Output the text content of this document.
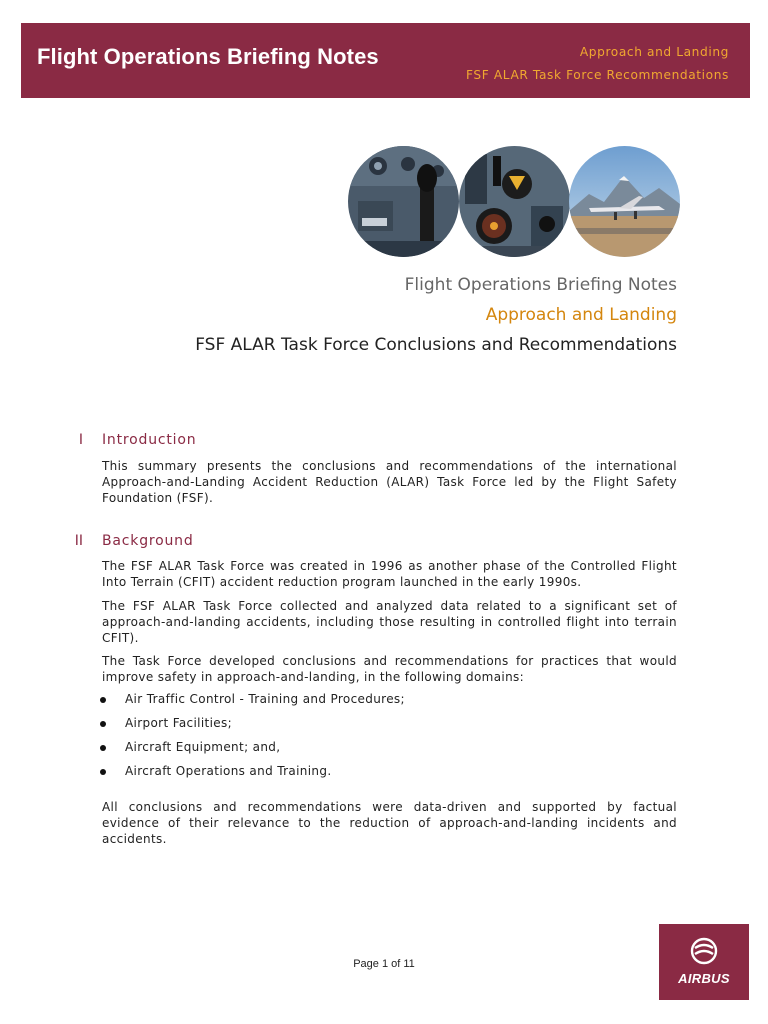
Flight Operations Briefing Notes	Approach and Landing
FSF ALAR Task Force Recommendations
Flight Operations Briefing Notes
Approach and Landing
FSF ALAR Task Force Conclusions and Recommendations
I Introduction
This summary presents the conclusions and recommendations of the international Approach-and-Landing Accident Reduction (ALAR) Task Force led by the Flight Safety Foundation (FSF).
II Background
The FSF ALAR Task Force was created in 1996 as another phase of the Controlled Flight Into Terrain (CFIT) accident reduction program launched in the early 1990s.
The FSF ALAR Task Force collected and analyzed data related to a significant set of approach-and-landing accidents, including those resulting in controlled flight into terrain CFIT).
The Task Force developed conclusions and recommendations for practices that would improve safety in approach-and-landing, in the following domains:
Air Traffic Control - Training and Procedures;
Airport Facilities;
Aircraft Equipment; and,
Aircraft Operations and Training.
All conclusions and recommendations were data-driven and supported by factual evidence of their relevance to the reduction of approach-and-landing incidents and accidents.
Page 1 of 11
AIRBUS
